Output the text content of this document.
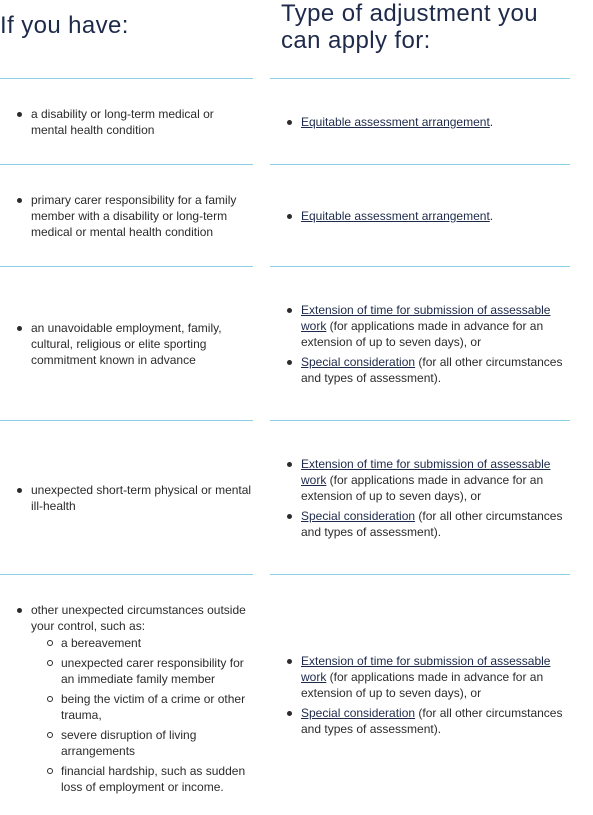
If you have:	Type of adjustment you can apply for:
a disability or long-term medical or mental health condition
Equitable assessment arrangement.
primary carer responsibility for a family member with a disability or long-term medical or mental health condition
Equitable assessment arrangement.
an unavoidable employment, family, cultural, religious or elite sporting commitment known in advance
Extension of time for submission of assessable work (for applications made in advance for an extension of up to seven days), or
Special consideration (for all other circumstances and types of assessment).
unexpected short-term physical or mental ill-health
Extension of time for submission of assessable work (for applications made in advance for an extension of up to seven days), or
Special consideration (for all other circumstances and types of assessment).
other unexpected circumstances outside your control, such as:
a bereavement
unexpected carer responsibility for an immediate family member
being the victim of a crime or other trauma,
severe disruption of living arrangements
financial hardship, such as sudden loss of employment or income.
Extension of time for submission of assessable work (for applications made in advance for an extension of up to seven days), or
Special consideration (for all other circumstances and types of assessment).
